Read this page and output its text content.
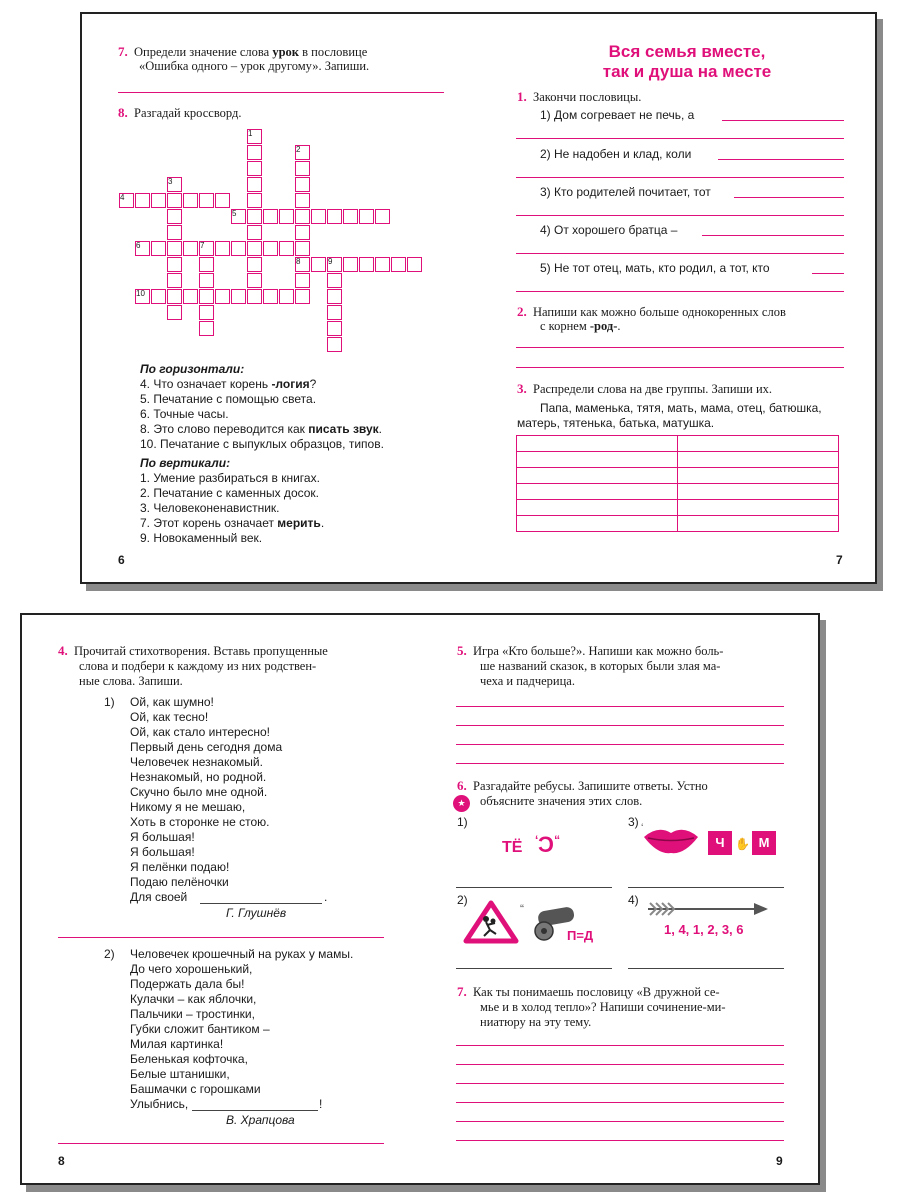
7. Определи значение слова урок в пословице
«Ошибка одного – урок другому». Запиши.
8. Разгадай кроссворд.
1
2
3
4
5
6	7
8	9
10
По горизонтали:
4. Что означает корень -логия?
5. Печатание с помощью света.
6. Точные часы.
8. Это слово переводится как писать звук.
10. Печатание с выпуклых образцов, типов.
По вертикали:
1. Умение разбираться в книгах.
2. Печатание с каменных досок.
3. Человеконенавистник.
7. Этот корень означает мерить.
9. Новокаменный век.
6
Вся семья вместе,
так и душа на месте
1. Закончи пословицы.
1) Дом согревает не печь, а
2) Не надобен и клад, коли
3) Кто родителей почитает, тот
4) От хорошего братца –
5) Не тот отец, мать, кто родил, а тот, кто
2. Напиши как можно больше однокоренных слов
с корнем -род-.
3. Распредели слова на две группы. Запиши их.
Папа, маменька, тятя, мать, мама, отец, батюшка,
матерь, тятенька, батька, матушка.

7
4. Прочитай стихотворения. Вставь пропущенные
слова и подбери к каждому из них родствен-
ные слова. Запиши.
1) Ой, как шумно!
Ой, как тесно!
Ой, как стало интересно!
Первый день сегодня дома
Человечек незнакомый.
Незнакомый, но родной.
Скучно было мне одной.
Никому я не мешаю,
Хоть в сторонке не стою.
Я большая!
Я большая!
Я пелёнки подаю!
Подаю пелёночки
Для своей	.
Г. Глушнёв
2) Человечек крошечный на руках у мамы.
До чего хорошенький,
Подержать дала бы!
Кулачки – как яблочки,
Пальчики – тростинки,
Губки сложит бантиком –
Милая картинка!
Беленькая кофточка,
Белые штанишки,
Башмачки с горошками
Улыбнись,	!
В. Храпцова
8
5. Игра «Кто больше?». Напиши как можно боль-
ше названий сказок, в которых были злая ма-
чеха и падчерица.
6. Разгадайте ребусы. Запишите ответы. Устно
★	объясните значения этих слов.
1)
ТЁ ‘С“
3) ‘
Ч ✋ М
2)
“
П=Д
4)
1, 4, 1, 2, 3, 6
7. Как ты понимаешь пословицу «В дружной се-
мье и в холод тепло»? Напиши сочинение-ми-
ниатюру на эту тему.
9
